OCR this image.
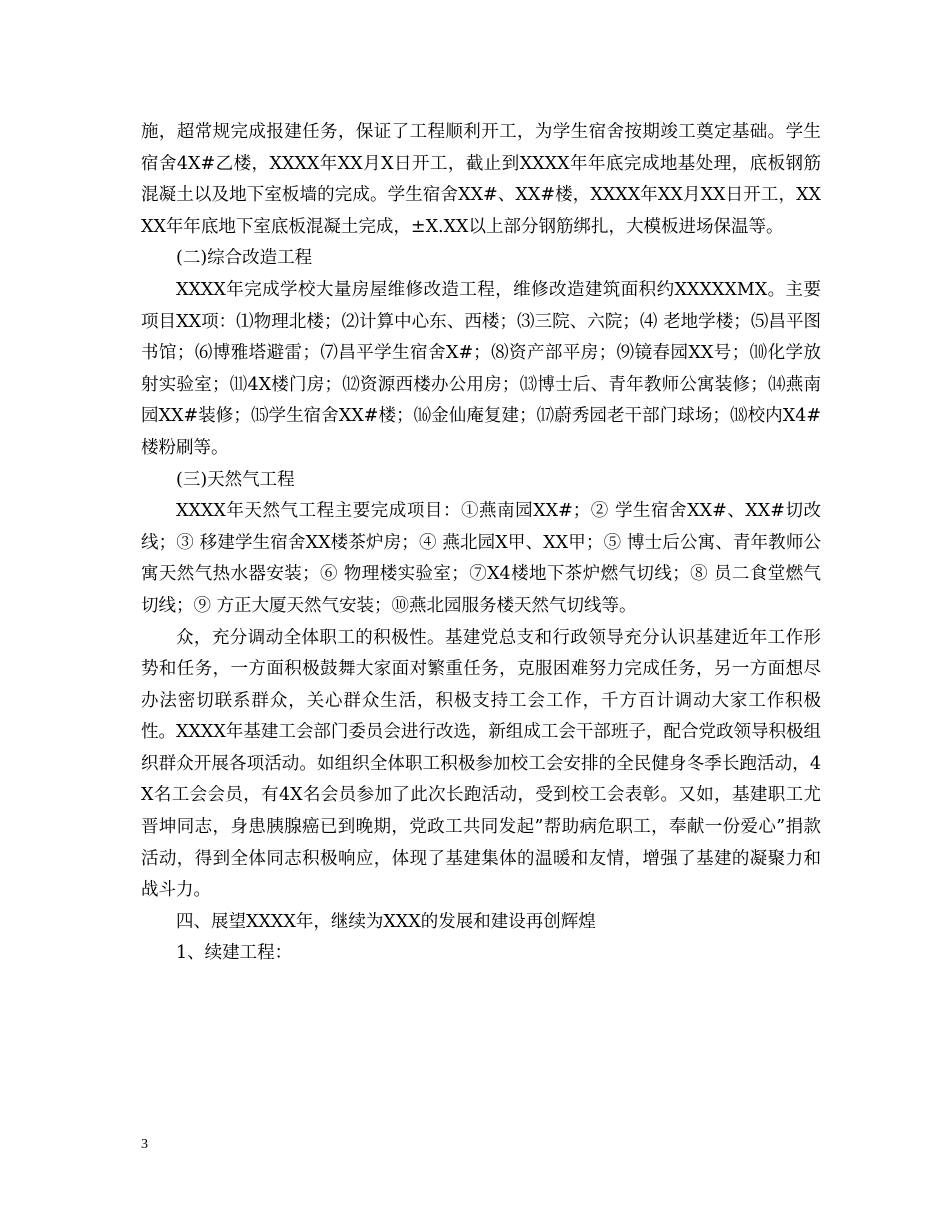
施，超常规完成报建任务，保证了工程顺利开工，为学生宿舍按期竣工奠定基础。学生宿舍4X#乙楼，XXXX年XX月X日开工，截止到XXXX年年底完成地基处理，底板钢筋混凝土以及地下室板墙的完成。学生宿舍XX#、XX#楼，XXXX年XX月XX日开工，XXXX年年底地下室底板混凝土完成，±X.XX以上部分钢筋绑扎，大模板进场保温等。

(二)综合改造工程

XXXX年完成学校大量房屋维修改造工程，维修改造建筑面积约XXXXXMX。主要项目XX项：⑴物理北楼；⑵计算中心东、西楼；⑶三院、六院；⑷ 老地学楼；⑸昌平图书馆；⑹博雅塔避雷；⑺昌平学生宿舍X#；⑻资产部平房；⑼镜春园XX号；⑽化学放射实验室；⑾4X楼门房；⑿资源西楼办公用房；⒀博士后、青年教师公寓装修；⒁燕南园XX#装修；⒂学生宿舍XX#楼；⒃金仙庵复建；⒄蔚秀园老干部门球场；⒅校内X4#楼粉刷等。

(三)天然气工程

XXXX年天然气工程主要完成项目：①燕南园XX#；② 学生宿舍XX#、XX#切改线；③ 移建学生宿舍XX楼茶炉房；④ 燕北园X甲、XX甲；⑤ 博士后公寓、青年教师公寓天然气热水器安装；⑥ 物理楼实验室；⑦X4楼地下茶炉燃气切线；⑧ 员二食堂燃气切线；⑨ 方正大厦天然气安装；⑩燕北园服务楼天然气切线等。

众，充分调动全体职工的积极性。基建党总支和行政领导充分认识基建近年工作形势和任务，一方面积极鼓舞大家面对繁重任务，克服困难努力完成任务，另一方面想尽办法密切联系群众，关心群众生活，积极支持工会工作，千方百计调动大家工作积极性。XXXX年基建工会部门委员会进行改选，新组成工会干部班子，配合党政领导积极组织群众开展各项活动。如组织全体职工积极参加校工会安排的全民健身冬季长跑活动，4X名工会会员，有4X名会员参加了此次长跑活动，受到校工会表彰。又如，基建职工尤晋坤同志，身患胰腺癌已到晚期，党政工共同发起”帮助病危职工，奉献一份爱心”捐款活动，得到全体同志积极响应，体现了基建集体的温暖和友情，增强了基建的凝聚力和战斗力。

四、展望XXXX年，继续为XXX的发展和建设再创辉煌

1、续建工程：

3
